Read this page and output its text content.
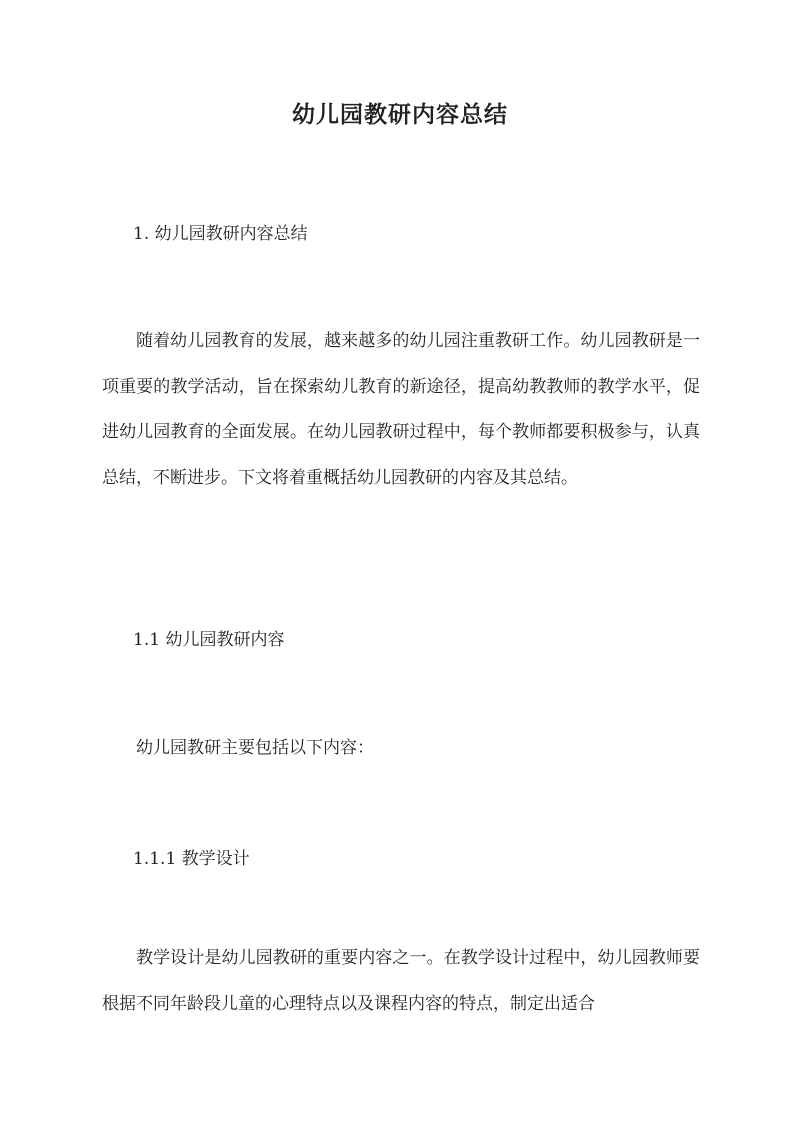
幼儿园教研内容总结
1. 幼儿园教研内容总结

随着幼儿园教育的发展，越来越多的幼儿园注重教研工作。幼儿园教研是一项重要的教学活动，旨在探索幼儿教育的新途径，提高幼教教师的教学水平，促进幼儿园教育的全面发展。在幼儿园教研过程中，每个教师都要积极参与，认真总结，不断进步。下文将着重概括幼儿园教研的内容及其总结。

1.1 幼儿园教研内容

幼儿园教研主要包括以下内容：

1.1.1 教学设计

教学设计是幼儿园教研的重要内容之一。在教学设计过程中，幼儿园教师要根据不同年龄段儿童的心理特点以及课程内容的特点，制定出适合
